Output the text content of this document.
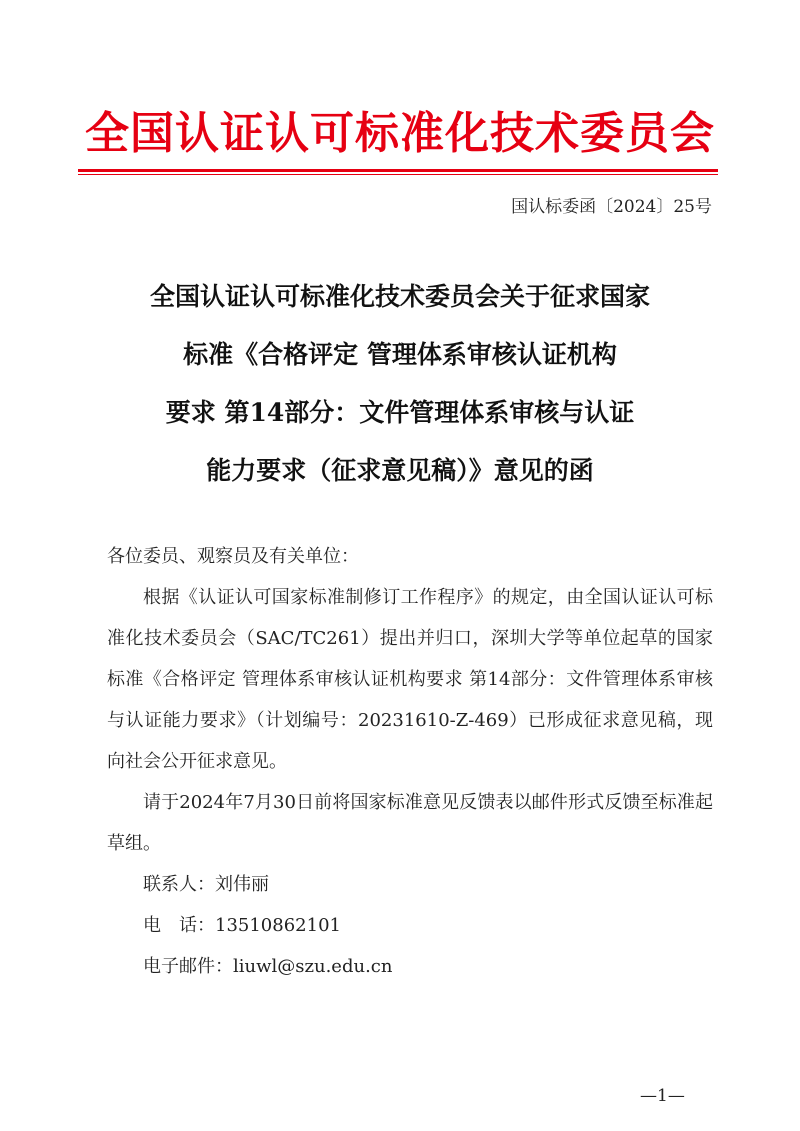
全国认证认可标准化技术委员会
国认标委函〔2024〕25号
全国认证认可标准化技术委员会关于征求国家
标准《合格评定 管理体系审核认证机构
要求 第14部分：文件管理体系审核与认证
能力要求（征求意见稿）》意见的函

各位委员、观察员及有关单位：

根据《认证认可国家标准制修订工作程序》的规定，由全国认证认可标准化技术委员会（SAC/TC261）提出并归口，深圳大学等单位起草的国家标准《合格评定 管理体系审核认证机构要求 第14部分：文件管理体系审核与认证能力要求》（计划编号：20231610-Z-469）已形成征求意见稿，现向社会公开征求意见。

请于2024年7月30日前将国家标准意见反馈表以邮件形式反馈至标准起草组。

联系人：刘伟丽

电　话：13510862101

电子邮件：liuwl@szu.edu.cn

—1—
